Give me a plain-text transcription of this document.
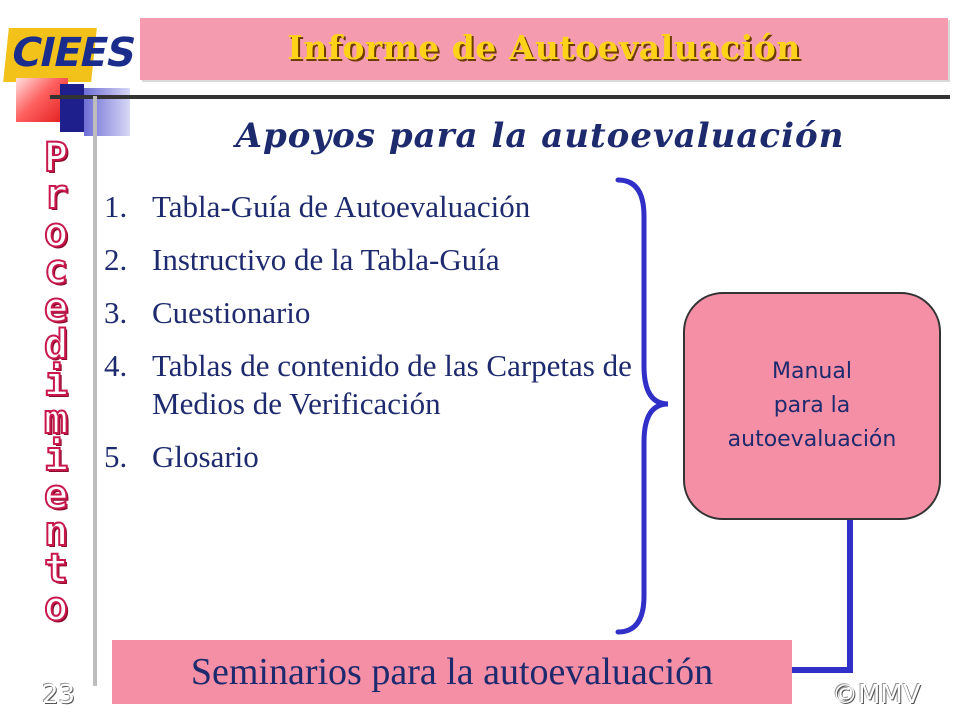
Informe de Autoevaluación
CIEES
P
r
o
c
e
d
i
m
i
e
n
t
o
Apoyos para la autoevaluación
1. Tabla-Guía de Autoevaluación
2. Instructivo de la Tabla-Guía
3. Cuestionario
4. Tablas de contenido de las Carpetas de Medios de Verificación
5. Glosario
Manual
para la
autoevaluación
Seminarios para la autoevaluación
23	©MMV
